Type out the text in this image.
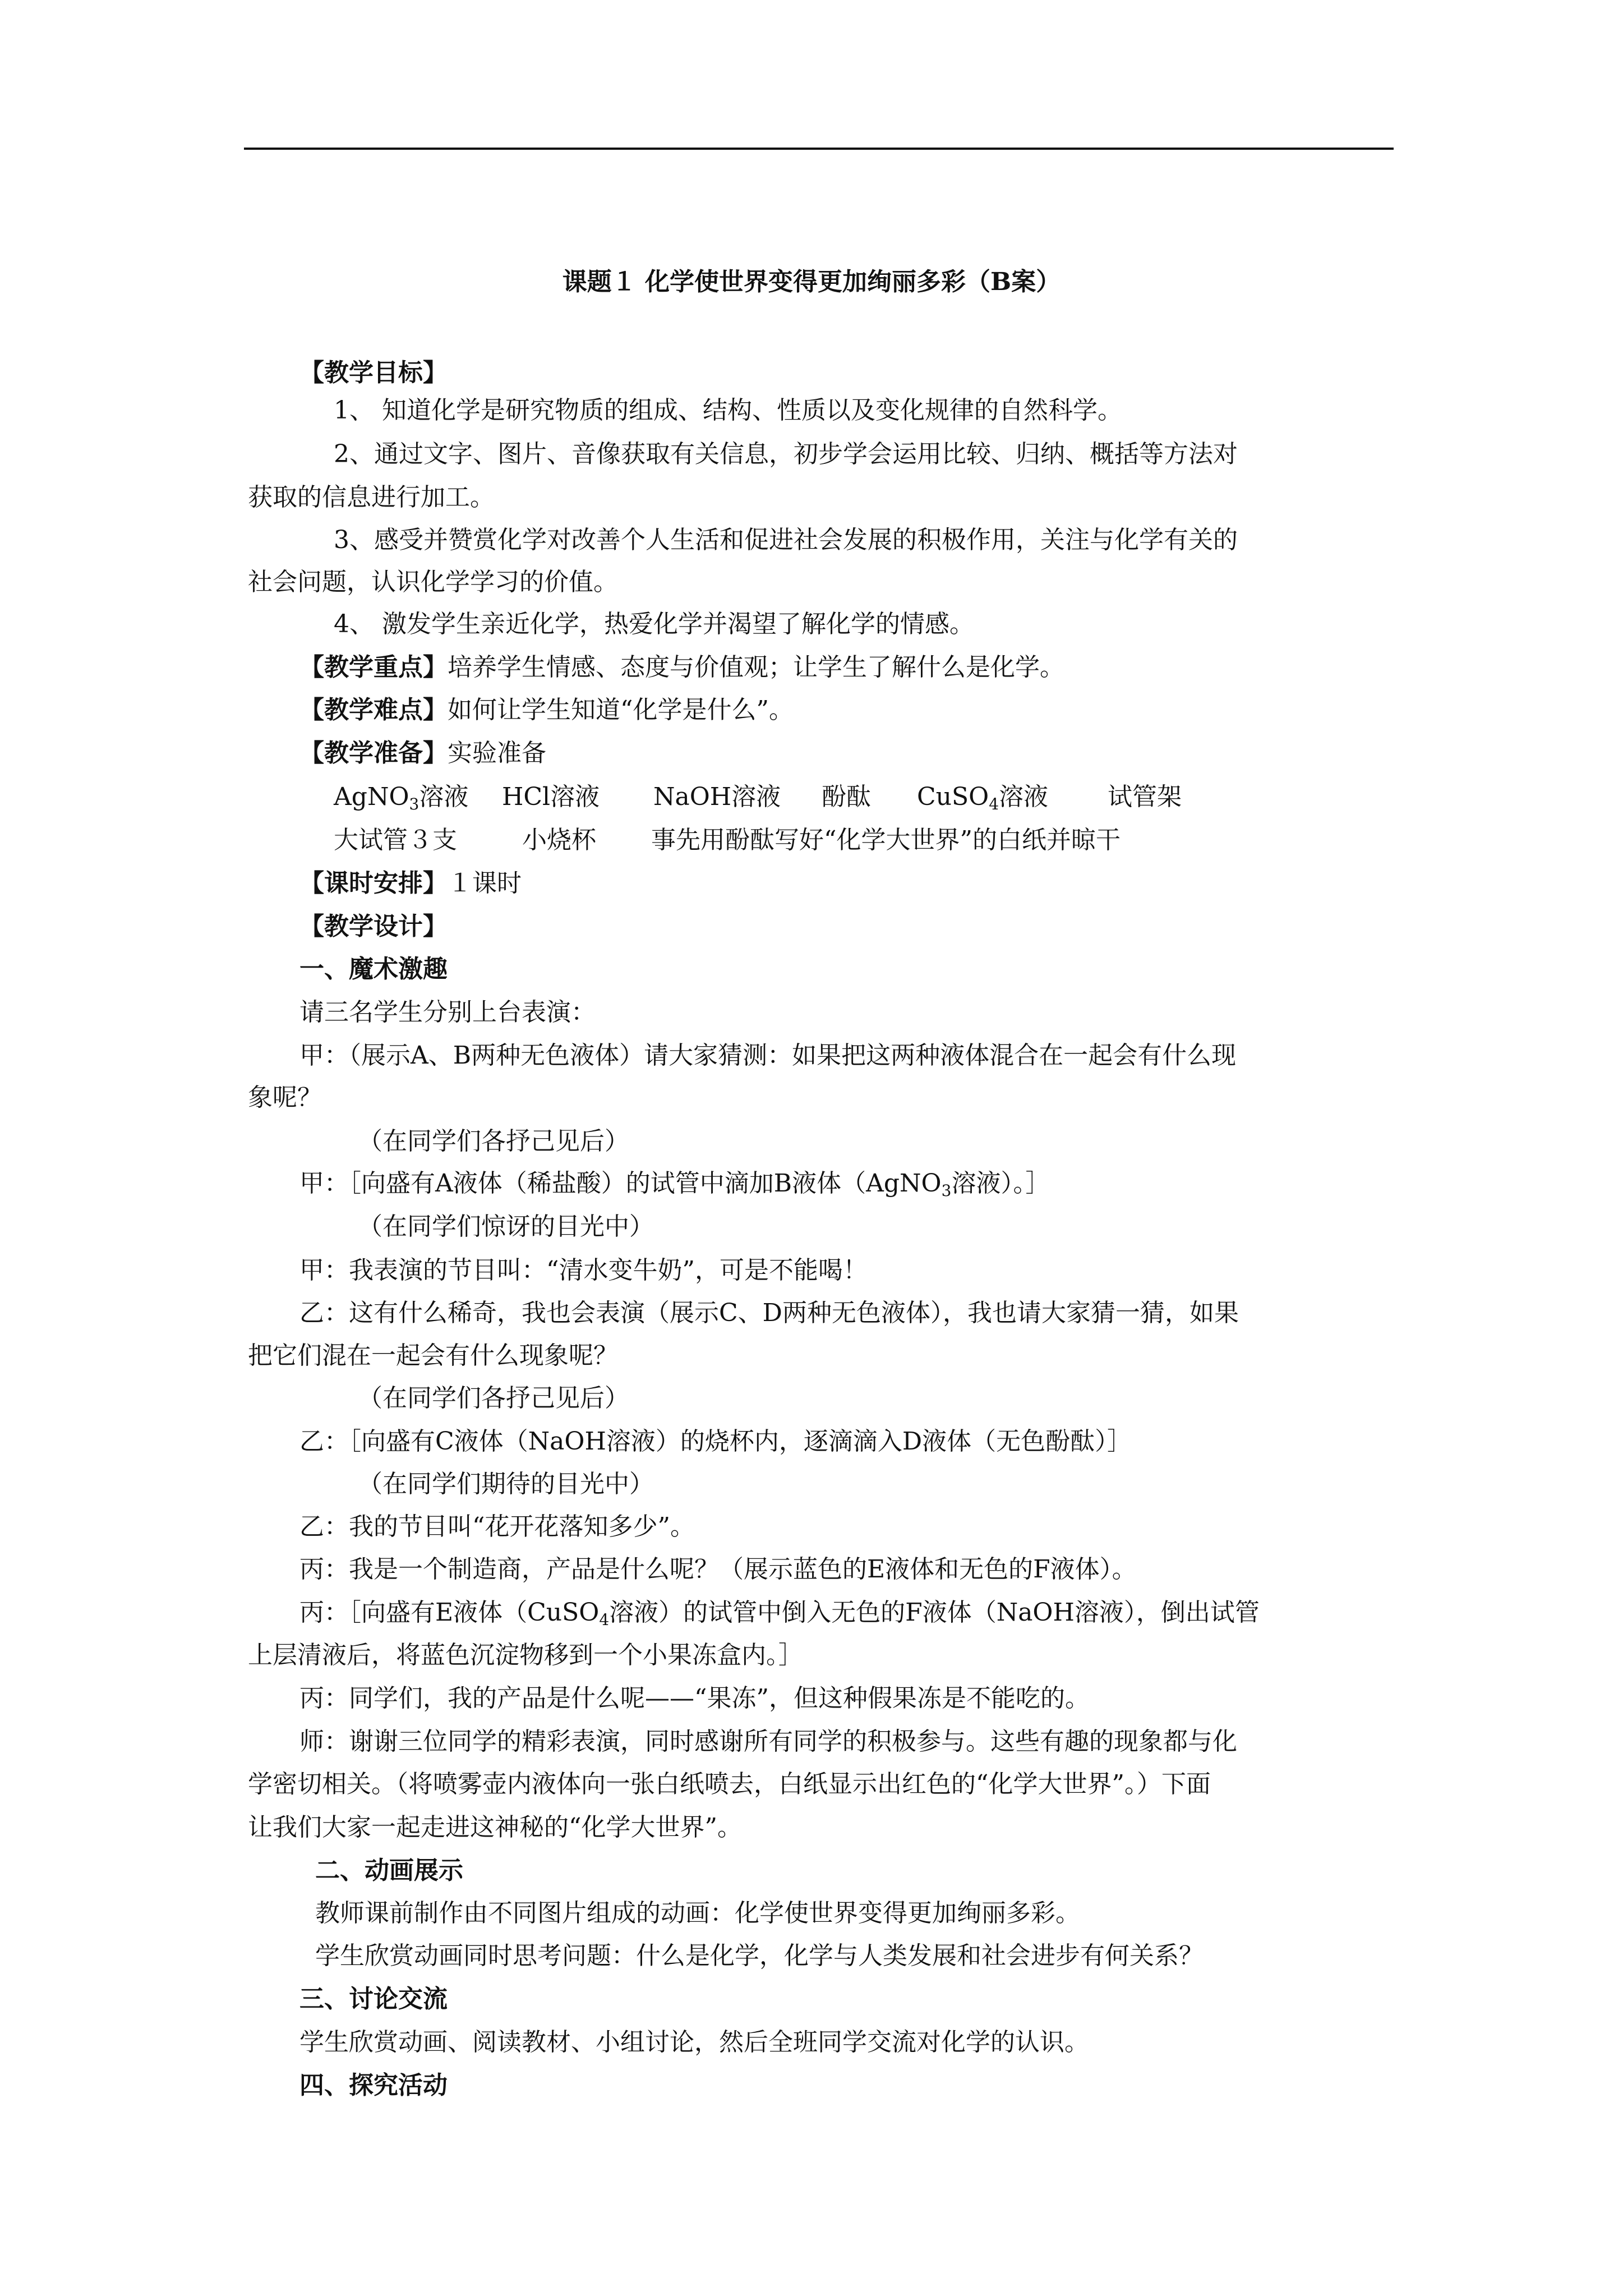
课题１ 化学使世界变得更加绚丽多彩（B案）
【教学目标】
1、 知道化学是研究物质的组成、结构、性质以及变化规律的自然科学。
2、通过文字、图片、音像获取有关信息，初步学会运用比较、归纳、概括等方法对
获取的信息进行加工。
3、感受并赞赏化学对改善个人生活和促进社会发展的积极作用，关注与化学有关的
社会问题，认识化学学习的价值。
4、 激发学生亲近化学，热爱化学并渴望了解化学的情感。
【教学重点】培养学生情感、态度与价值观；让学生了解什么是化学。
【教学难点】如何让学生知道“化学是什么”。
【教学准备】实验准备
AgNO$_3$溶液 HCl溶液 NaOH溶液 酚酞 CuSO$_4$溶液 试管架
大试管３支	小烧杯 事先用酚酞写好“化学大世界”的白纸并晾干
【课时安排】１课时
【教学设计】
一、魔术激趣
请三名学生分别上台表演：
甲：（展示A、B两种无色液体）请大家猜测：如果把这两种液体混合在一起会有什么现
象呢？
（在同学们各抒己见后）
甲：［向盛有A液体（稀盐酸）的试管中滴加B液体（AgNO$_3$溶液）。］
（在同学们惊讶的目光中）
甲：我表演的节目叫：“清水变牛奶”，可是不能喝！
乙：这有什么稀奇，我也会表演（展示C、D两种无色液体），我也请大家猜一猜，如果
把它们混在一起会有什么现象呢？
（在同学们各抒己见后）
乙：［向盛有C液体（NaOH溶液）的烧杯内，逐滴滴入D液体（无色酚酞）］
（在同学们期待的目光中）
乙：我的节目叫“花开花落知多少”。
丙：我是一个制造商，产品是什么呢？（展示蓝色的E液体和无色的F液体）。
丙：［向盛有E液体（CuSO$_4$溶液）的试管中倒入无色的F液体（NaOH溶液），倒出试管
上层清液后，将蓝色沉淀物移到一个小果冻盒内。］
丙：同学们，我的产品是什么呢——“果冻”，但这种假果冻是不能吃的。
师：谢谢三位同学的精彩表演，同时感谢所有同学的积极参与。这些有趣的现象都与化
学密切相关。（将喷雾壶内液体向一张白纸喷去，白纸显示出红色的“化学大世界”。）下面
让我们大家一起走进这神秘的“化学大世界”。
二、动画展示
教师课前制作由不同图片组成的动画：化学使世界变得更加绚丽多彩。
学生欣赏动画同时思考问题：什么是化学，化学与人类发展和社会进步有何关系？
三、讨论交流
学生欣赏动画、阅读教材、小组讨论，然后全班同学交流对化学的认识。
四、探究活动
